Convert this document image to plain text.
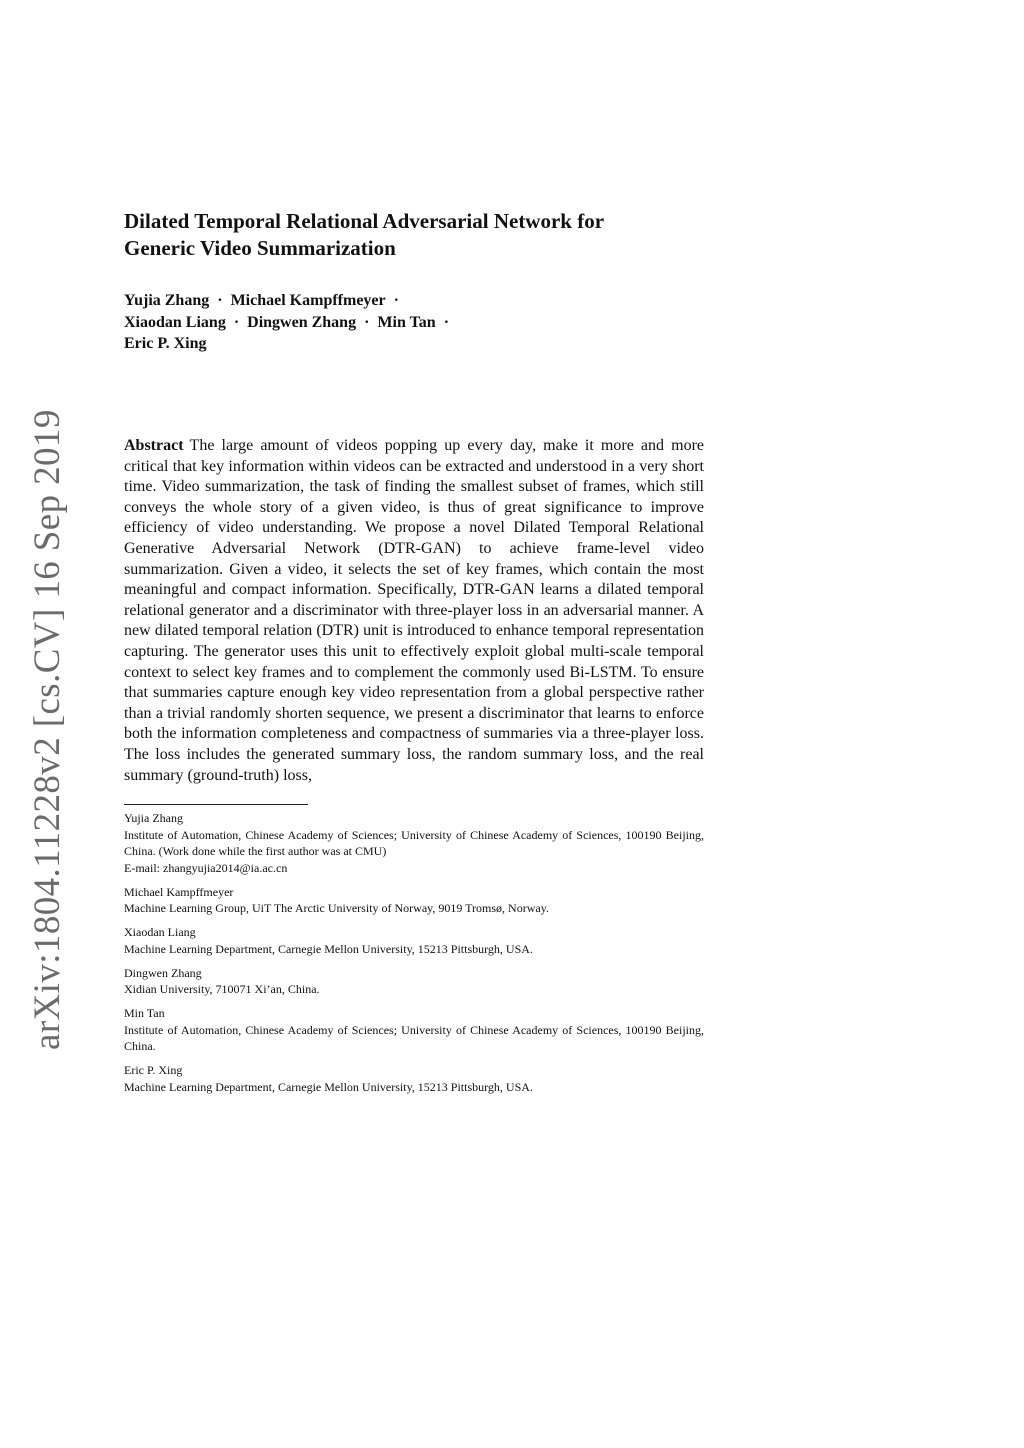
arXiv:1804.11228v2 [cs.CV] 16 Sep 2019
Dilated Temporal Relational Adversarial Network for
Generic Video Summarization
Yujia Zhang · Michael Kampffmeyer ·
Xiaodan Liang · Dingwen Zhang · Min Tan ·
Eric P. Xing
Abstract The large amount of videos popping up every day, make it more and more critical that key information within videos can be extracted and understood in a very short time. Video summarization, the task of finding the smallest subset of frames, which still conveys the whole story of a given video, is thus of great significance to improve efficiency of video understanding. We propose a novel Dilated Temporal Relational Generative Adversarial Network (DTR-GAN) to achieve frame-level video summarization. Given a video, it selects the set of key frames, which contain the most meaningful and compact information. Specifically, DTR-GAN learns a dilated temporal relational generator and a discriminator with three-player loss in an adversarial manner. A new dilated temporal relation (DTR) unit is introduced to enhance temporal representation capturing. The generator uses this unit to effectively exploit global multi-scale temporal context to select key frames and to complement the commonly used Bi-LSTM. To ensure that summaries capture enough key video representation from a global perspective rather than a trivial randomly shorten sequence, we present a discriminator that learns to enforce both the information completeness and compactness of summaries via a three-player loss. The loss includes the generated summary loss, the random summary loss, and the real summary (ground-truth) loss,
Yujia Zhang
Institute of Automation, Chinese Academy of Sciences; University of Chinese Academy of Sciences, 100190 Beijing, China. (Work done while the first author was at CMU)
E-mail: zhangyujia2014@ia.ac.cn
Michael Kampffmeyer
Machine Learning Group, UiT The Arctic University of Norway, 9019 Tromsø, Norway.
Xiaodan Liang
Machine Learning Department, Carnegie Mellon University, 15213 Pittsburgh, USA.
Dingwen Zhang
Xidian University, 710071 Xi’an, China.
Min Tan
Institute of Automation, Chinese Academy of Sciences; University of Chinese Academy of Sciences, 100190 Beijing, China.
Eric P. Xing
Machine Learning Department, Carnegie Mellon University, 15213 Pittsburgh, USA.
